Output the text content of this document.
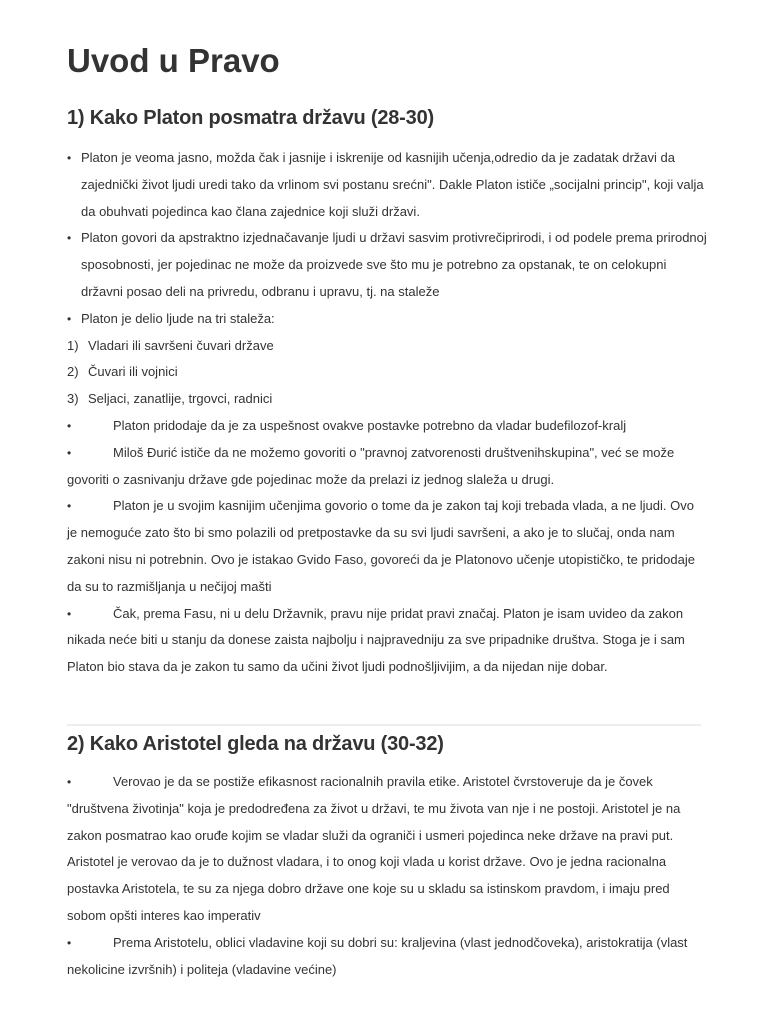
Uvod u Pravo
1) Kako Platon posmatra državu (28-30)
• Platon je veoma jasno, možda čak i jasnije i iskrenije od kasnijih učenja,odredio da je zadatak državi da zajednički život ljudi uredi tako da vrlinom svi postanu srećni". Dakle Platon ističe „socijalni princip", koji valja da obuhvati pojedinca kao člana zajednice koji služi državi.
• Platon govori da apstraktno izjednačavanje ljudi u državi sasvim protivrečiprirodi, i od podele prema prirodnoj sposobnosti, jer pojedinac ne može da proizvede sve što mu je potrebno za opstanak, te on celokupni državni posao deli na privredu, odbranu i upravu, tj. na staleže
• Platon je delio ljude na tri staleža:
1) Vladari ili savršeni čuvari države
2) Čuvari ili vojnici
3) Seljaci, zanatlije, trgovci, radnici

•	Platon pridodaje da je za uspešnost ovakve postavke potrebno da vladar budefilozof-kralj

•	Miloš Đurić ističe da ne možemo govoriti o "pravnoj zatvorenosti društvenihskupina", već se može govoriti o zasnivanju države gde pojedinac može da prelazi iz jednog slaleža u drugi.

•	Platon je u svojim kasnijim učenjima govorio o tome da je zakon taj koji trebada vlada, a ne ljudi. Ovo je nemoguće zato što bi smo polazili od pretpostavke da su svi ljudi savršeni, a ako je to slučaj, onda nam zakoni nisu ni potrebnin. Ovo je istakao Gvido Faso, govoreći da je Platonovo učenje utopističko, te pridodaje da su to razmišljanja u nečijoj mašti

•	Čak, prema Fasu, ni u delu Državnik, pravu nije pridat pravi značaj. Platon je isam uvideo da zakon nikada neće biti u stanju da donese zaista najbolju i najpravedniju za sve pripadnike društva. Stoga je i sam Platon bio stava da je zakon tu samo da učini život ljudi podnošljivijim, a da nijedan nije dobar.

2) Kako Aristotel gleda na državu (30-32)

•	Verovao je da se postiže efikasnost racionalnih pravila etike. Aristotel čvrstoveruje da je čovek "društvena životinja" koja je predodređena za život u državi, te mu života van nje i ne postoji. Aristotel je na zakon posmatrao kao oruđe kojim se vladar služi da ograniči i usmeri pojedinca neke države na pravi put. Aristotel je verovao da je to dužnost vladara, i to onog koji vlada u korist države. Ovo je jedna racionalna postavka Aristotela, te su za njega dobro države one koje su u skladu sa istinskom pravdom, i imaju pred sobom opšti interes kao imperativ

•	Prema Aristotelu, oblici vladavine koji su dobri su: kraljevina (vlast jednodčoveka), aristokratija (vlast nekolicine izvršnih) i politeja (vladavine većine)
